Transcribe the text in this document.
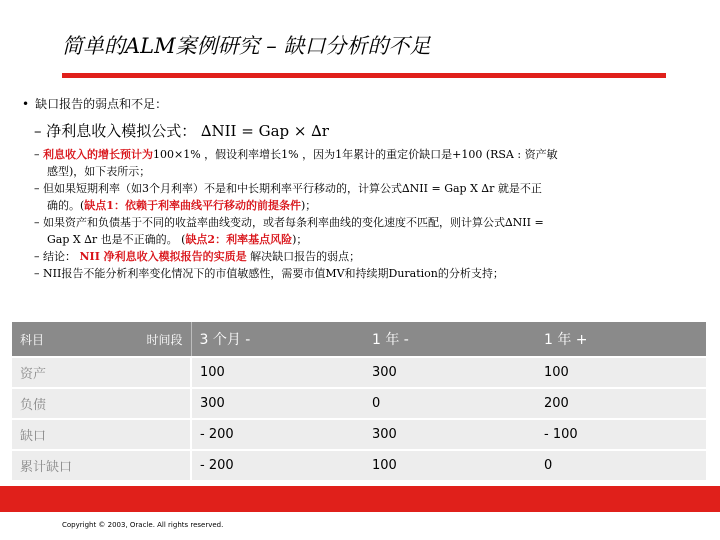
简单的ALM案例研究 – 缺口分析的不足
• 缺口报告的弱点和不足：
– 净利息收入模拟公式： ∆NII = Gap × ∆r
– 利息收入的增长预计为100×1% ，假设利率增长1% ，因为1年累计的重定价缺口是+100 (RSA : 资产敏
感型)，如下表所示；
– 但如果短期利率（如3个月利率）不是和中长期利率平行移动的，计算公式∆NII = Gap X ∆r 就是不正
确的。(缺点1：依赖于利率曲线平行移动的前提条件)；
– 如果资产和负债基于不同的收益率曲线变动，或者每条利率曲线的变化速度不匹配，则计算公式∆NII =
Gap X ∆r 也是不正确的。 (缺点2：利率基点风险)；
– 结论： NII 净利息收入模拟报告的实质是 解决缺口报告的弱点；
– NII报告不能分析利率变化情况下的市值敏感性，需要市值MV和持续期Duration的分析支持；
科目 时间段	3 个月 -	1 年 -	1 年 +
资产	100	300	100
负债	300	0	200
缺口	- 200	300	- 100
累计缺口	- 200	100	0
Copyright © 2003, Oracle. All rights reserved.
